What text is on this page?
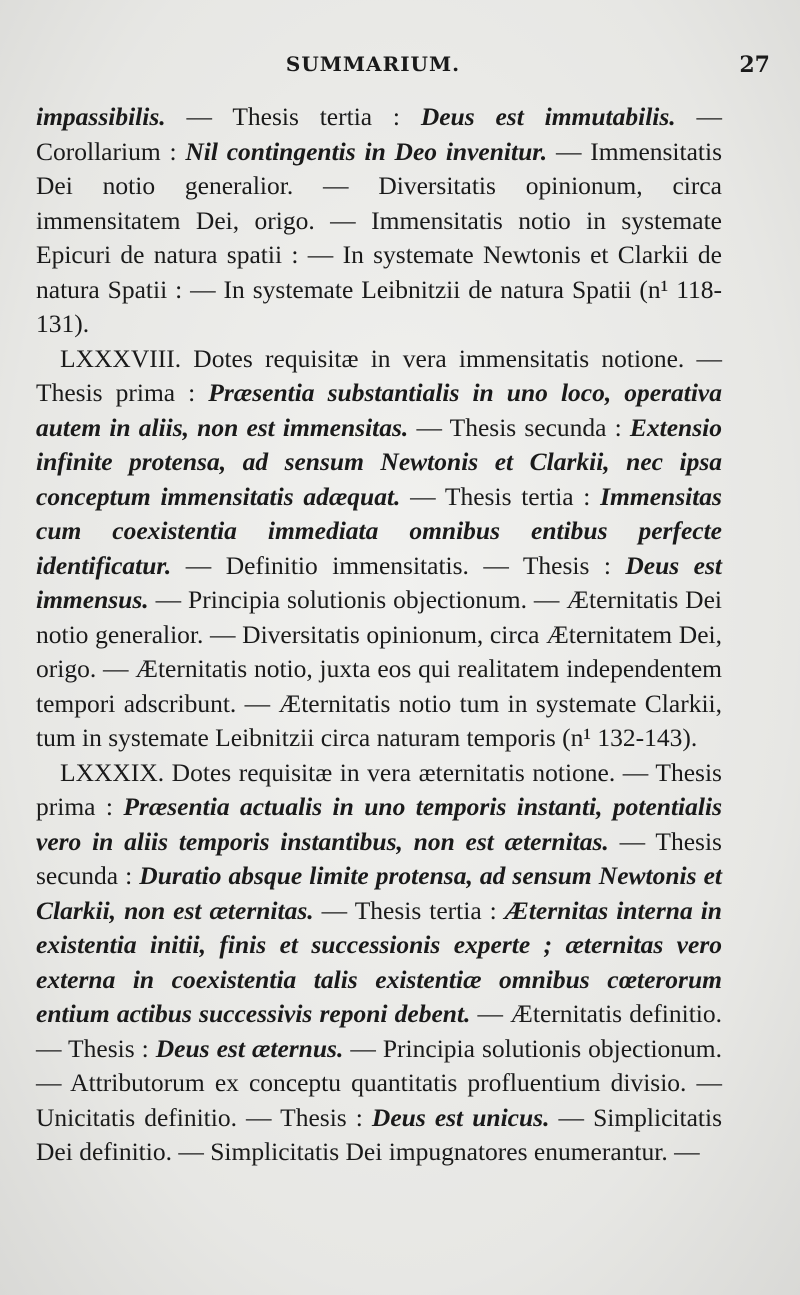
SUMMARIUM.	27

impassibilis. — Thesis tertia : Deus est immutabilis. — Corollarium : Nil contingentis in Deo invenitur. — Immensitatis Dei notio generalior. — Diversitatis opinionum, circa immensitatem Dei, origo. — Immensitatis notio in systemate Epicuri de natura spatii : — In systemate Newtonis et Clarkii de natura Spatii : — In systemate Leibnitzii de natura Spatii (n¹ 118-131).

LXXXVIII. Dotes requisitæ in vera immensitatis notione. — Thesis prima : Præsentia substantialis in uno loco, operativa autem in aliis, non est immensitas. — Thesis secunda : Extensio infinite protensa, ad sensum Newtonis et Clarkii, nec ipsa conceptum immensitatis adæquat. — Thesis tertia : Immensitas cum coexistentia immediata omnibus entibus perfecte identificatur. — Definitio immensitatis. — Thesis : Deus est immensus. — Principia solutionis objectionum. — Æternitatis Dei notio generalior. — Diversitatis opinionum, circa Æternitatem Dei, origo. — Æternitatis notio, juxta eos qui realitatem independentem tempori adscribunt. — Æternitatis notio tum in systemate Clarkii, tum in systemate Leibnitzii circa naturam temporis (n¹ 132-143).

LXXXIX. Dotes requisitæ in vera æternitatis notione. — Thesis prima : Præsentia actualis in uno temporis instanti, potentialis vero in aliis temporis instantibus, non est æternitas. — Thesis secunda : Duratio absque limite protensa, ad sensum Newtonis et Clarkii, non est æternitas. — Thesis tertia : Æternitas interna in existentia initii, finis et successionis experte ; æternitas vero externa in coexistentia talis existentiæ omnibus cœterorum entium actibus successivis reponi debent. — Æternitatis definitio. — Thesis : Deus est æternus. — Principia solutionis objectionum. — Attributorum ex conceptu quantitatis profluentium divisio. — Unicitatis definitio. — Thesis : Deus est unicus. — Simplicitatis Dei definitio. — Simplicitatis Dei impugnatores enumerantur. —
